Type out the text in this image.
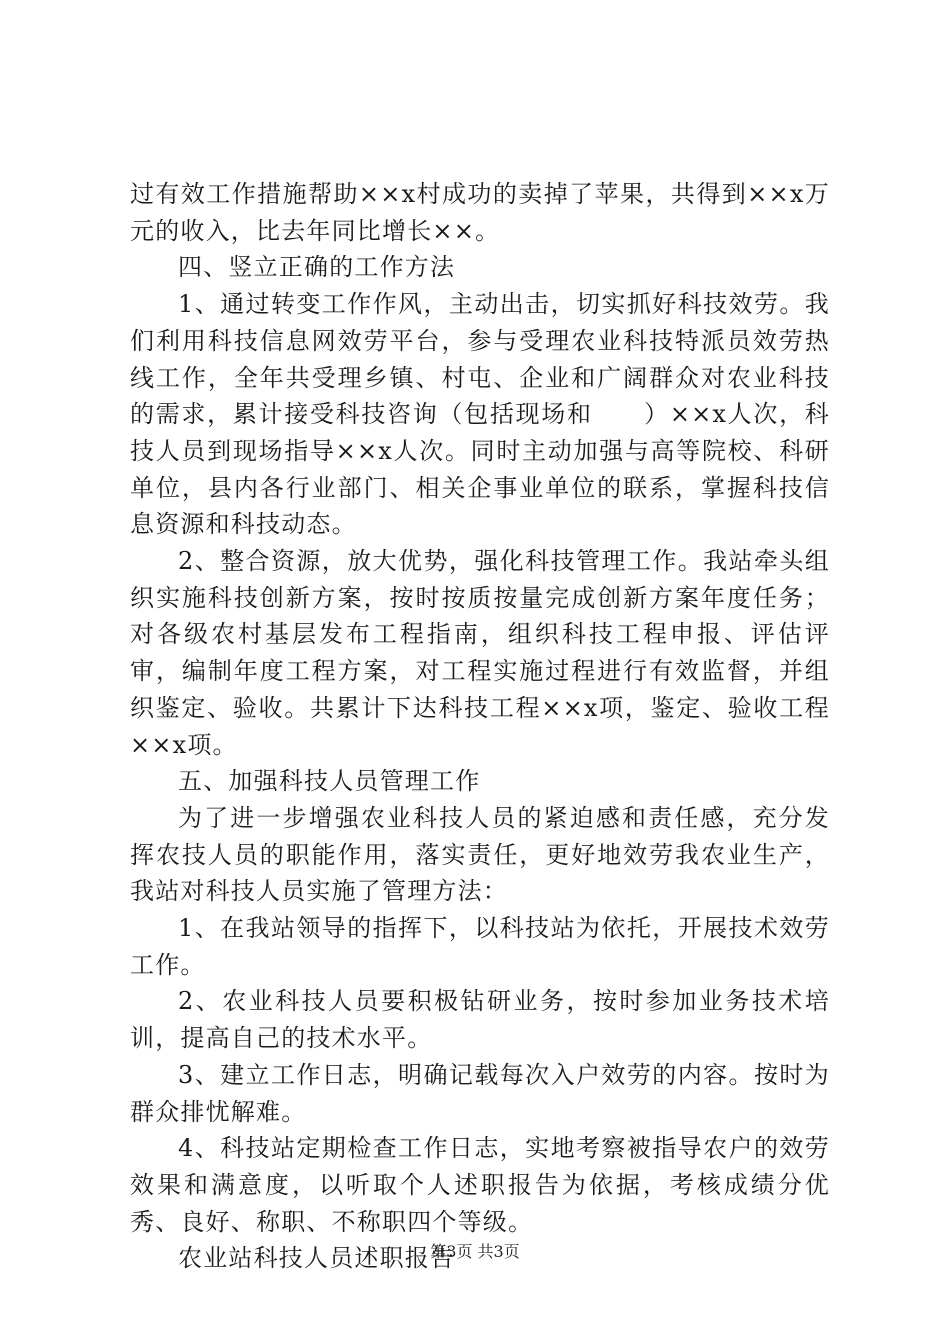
过有效工作措施帮助××x村成功的卖掉了苹果，共得到××x万元的收入，比去年同比增长××。

四、竖立正确的工作方法

1、通过转变工作作风，主动出击，切实抓好科技效劳。我们利用科技信息网效劳平台，参与受理农业科技特派员效劳热线工作，全年共受理乡镇、村屯、企业和广阔群众对农业科技的需求，累计接受科技咨询（包括现场和　　）××x人次，科技人员到现场指导××x人次。同时主动加强与高等院校、科研单位，县内各行业部门、相关企事业单位的联系，掌握科技信息资源和科技动态。

2、整合资源，放大优势，强化科技管理工作。我站牵头组织实施科技创新方案，按时按质按量完成创新方案年度任务；对各级农村基层发布工程指南，组织科技工程申报、评估评审，编制年度工程方案，对工程实施过程进行有效监督，并组织鉴定、验收。共累计下达科技工程××x项，鉴定、验收工程××x项。

五、加强科技人员管理工作

为了进一步增强农业科技人员的紧迫感和责任感，充分发挥农技人员的职能作用，落实责任，更好地效劳我农业生产，我站对科技人员实施了管理方法：

1、在我站领导的指挥下，以科技站为依托，开展技术效劳工作。

2、农业科技人员要积极钻研业务，按时参加业务技术培训，提高自己的技术水平。

3、建立工作日志，明确记载每次入户效劳的内容。按时为群众排忧解难。

4、科技站定期检查工作日志，实地考察被指导农户的效劳效果和满意度，以听取个人述职报告为依据，考核成绩分优秀、良好、称职、不称职四个等级。

农业站科技人员述职报告

第3页 共3页
